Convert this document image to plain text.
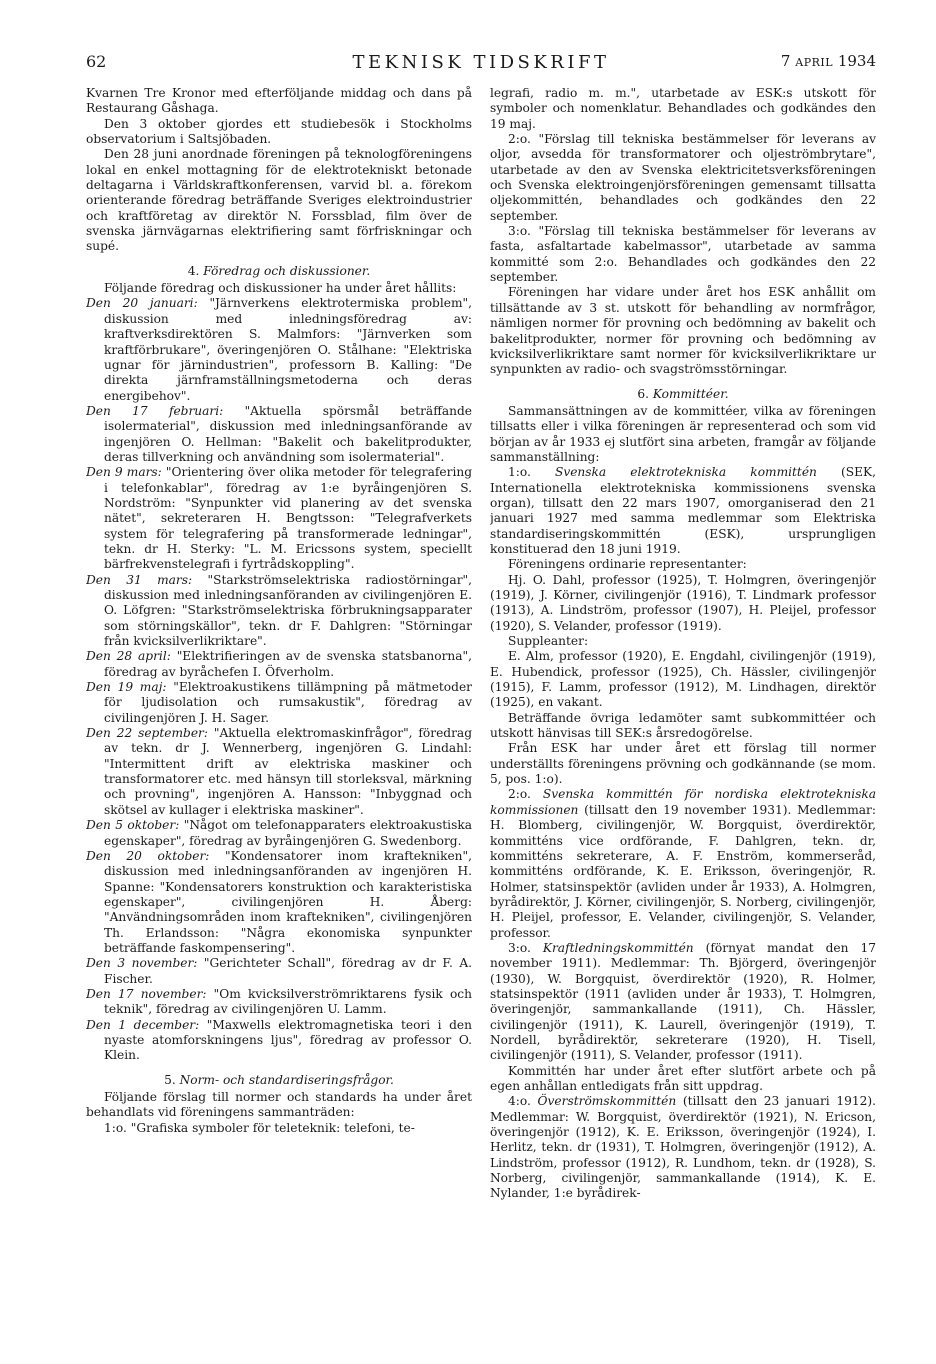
62	TEKNISK TIDSKRIFT	7 APRIL 1934

Kvarnen Tre Kronor med efterföljande middag och dans på Restaurang Gåshaga.

Den 3 oktober gjordes ett studiebesök i Stockholms observatorium i Saltsjöbaden.

Den 28 juni anordnade föreningen på teknologföreningens lokal en enkel mottagning för de elektrotekniskt betonade deltagarna i Världskraftkonferensen, varvid bl. a. förekom orienterande föredrag beträffande Sveriges elektroindustrier och kraftföretag av direktör N. Forssblad, film över de svenska järnvägarnas elektrifiering samt förfriskningar och supé.

4. Föredrag och diskussioner.

Följande föredrag och diskussioner ha under året hållits:

Den 20 januari: "Järnverkens elektrotermiska problem", diskussion med inledningsföredrag av: kraftverksdirektören S. Malmfors: "Järnverken som kraftförbrukare", överingenjören O. Stålhane: "Elektriska ugnar för järnindustrien", professorn B. Kalling: "De direkta järnframställningsmetoderna och deras energibehov".

Den 17 februari: "Aktuella spörsmål beträffande isolermaterial", diskussion med inledningsanförande av ingenjören O. Hellman: "Bakelit och bakelitprodukter, deras tillverkning och användning som isolermaterial".

Den 9 mars: "Orientering över olika metoder för telegrafering i telefonkablar", föredrag av 1:e byråingenjören S. Nordström: "Synpunkter vid planering av det svenska nätet", sekreteraren H. Bengtsson: "Telegrafverkets system för telegrafering på transformerade ledningar", tekn. dr H. Sterky: "L. M. Ericssons system, speciellt bärfrekvenstelegrafi i fyrtrådskoppling".

Den 31 mars: "Starkströmselektriska radiostörningar", diskussion med inledningsanföranden av civilingenjören E. O. Löfgren: "Starkströmselektriska förbrukningsapparater som störningskällor", tekn. dr F. Dahlgren: "Störningar från kvicksilverlikriktare".

Den 28 april: "Elektrifieringen av de svenska statsbanorna", föredrag av byråchefen I. Öfverholm.

Den 19 maj: "Elektroakustikens tillämpning på mätmetoder för ljudisolation och rumsakustik", föredrag av civilingenjören J. H. Sager.

Den 22 september: "Aktuella elektromaskinfrågor", föredrag av tekn. dr J. Wennerberg, ingenjören G. Lindahl: "Intermittent drift av elektriska maskiner och transformatorer etc. med hänsyn till storleksval, märkning och provning", ingenjören A. Hansson: "Inbyggnad och skötsel av kullager i elektriska maskiner".

Den 5 oktober: "Något om telefonapparaters elektroakustiska egenskaper", föredrag av byråingenjören G. Swedenborg.

Den 20 oktober: "Kondensatorer inom kraftekniken", diskussion med inledningsanföranden av ingenjören H. Spanne: "Kondensatorers konstruktion och karakteristiska egenskaper", civilingenjören H. Åberg: "Användningsområden inom kraftekniken", civilingenjören Th. Erlandsson: "Några ekonomiska synpunkter beträffande faskompensering".

Den 3 november: "Gerichteter Schall", föredrag av dr F. A. Fischer.

Den 17 november: "Om kvicksilverströmriktarens fysik och teknik", föredrag av civilingenjören U. Lamm.

Den 1 december: "Maxwells elektromagnetiska teori i den nyaste atomforskningens ljus", föredrag av professor O. Klein.

5. Norm- och standardiseringsfrågor.

Följande förslag till normer och standards ha under året behandlats vid föreningens sammanträden:

1:o. "Grafiska symboler för teleteknik: telefoni, te-

legrafi, radio m. m.", utarbetade av ESK:s utskott för symboler och nomenklatur. Behandlades och godkändes den 19 maj.

2:o. "Förslag till tekniska bestämmelser för leverans av oljor, avsedda för transformatorer och oljeströmbrytare", utarbetade av den av Svenska elektricitetsverksföreningen och Svenska elektroingenjörsföreningen gemensamt tillsatta oljekommittén, behandlades och godkändes den 22 september.

3:o. "Förslag till tekniska bestämmelser för leverans av fasta, asfaltartade kabelmassor", utarbetade av samma kommitté som 2:o. Behandlades och godkändes den 22 september.

Föreningen har vidare under året hos ESK anhållit om tillsättande av 3 st. utskott för behandling av normfrågor, nämligen normer för provning och bedömning av bakelit och bakelitprodukter, normer för provning och bedömning av kvicksilverlikriktare samt normer för kvicksilverlikriktare ur synpunkten av radio- och svagströmsstörningar.

6. Kommittéer.

Sammansättningen av de kommittéer, vilka av föreningen tillsatts eller i vilka föreningen är representerad och som vid början av år 1933 ej slutfört sina arbeten, framgår av följande sammanställning:

1:o. Svenska elektrotekniska kommittén (SEK, Internationella elektrotekniska kommissionens svenska organ), tillsatt den 22 mars 1907, omorganiserad den 21 januari 1927 med samma medlemmar som Elektriska standardiseringskommittén (ESK), ursprungligen konstituerad den 18 juni 1919.

Föreningens ordinarie representanter:

Hj. O. Dahl, professor (1925), T. Holmgren, överingenjör (1919), J. Körner, civilingenjör (1916), T. Lindmark professor (1913), A. Lindström, professor (1907), H. Pleijel, professor (1920), S. Velander, professor (1919).

Suppleanter:

E. Alm, professor (1920), E. Engdahl, civilingenjör (1919), E. Hubendick, professor (1925), Ch. Hässler, civilingenjör (1915), F. Lamm, professor (1912), M. Lindhagen, direktör (1925), en vakant.

Beträffande övriga ledamöter samt subkommittéer och utskott hänvisas till SEK:s årsredogörelse.

Från ESK har under året ett förslag till normer underställts föreningens prövning och godkännande (se mom. 5, pos. 1:o).

2:o. Svenska kommittén för nordiska elektrotekniska kommissionen (tillsatt den 19 november 1931). Medlemmar: H. Blomberg, civilingenjör, W. Borgquist, överdirektör, kommitténs vice ordförande, F. Dahlgren, tekn. dr, kommitténs sekreterare, A. F. Enström, kommerseråd, kommitténs ordförande, K. E. Eriksson, överingenjör, R. Holmer, statsinspektör (avliden under år 1933), A. Holmgren, byrådirektör, J. Körner, civilingenjör, S. Norberg, civilingenjör, H. Pleijel, professor, E. Velander, civilingenjör, S. Velander, professor.

3:o. Kraftledningskommittén (förnyat mandat den 17 november 1911). Medlemmar: Th. Björgerd, överingenjör (1930), W. Borgquist, överdirektör (1920), R. Holmer, statsinspektör (1911 (avliden under år 1933), T. Holmgren, överingenjör, sammankallande (1911), Ch. Hässler, civilingenjör (1911), K. Laurell, överingenjör (1919), T. Nordell, byrådirektör, sekreterare (1920), H. Tisell, civilingenjör (1911), S. Velander, professor (1911).

Kommittén har under året efter slutfört arbete och på egen anhållan entledigats från sitt uppdrag.

4:o. Överströmskommittén (tillsatt den 23 januari 1912). Medlemmar: W. Borgquist, överdirektör (1921), N. Ericson, överingenjör (1912), K. E. Eriksson, överingenjör (1924), I. Herlitz, tekn. dr (1931), T. Holmgren, överingenjör (1912), A. Lindström, professor (1912), R. Lundhom, tekn. dr (1928), S. Norberg, civilingenjör, sammankallande (1914), K. E. Nylander, 1:e byrådirek-
